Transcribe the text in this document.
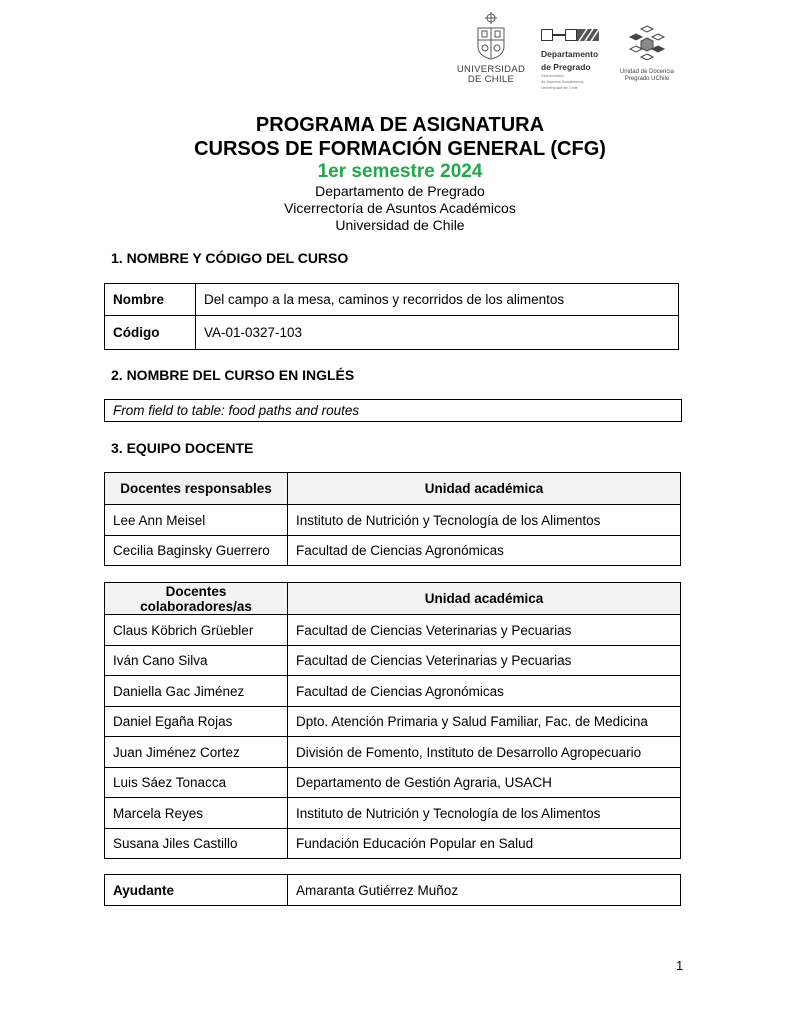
UNIVERSIDAD
DE CHILE
Departamento
de Pregrado
Vicerrectoría
de Asuntos Académicos
Universidad de Chile
Unidad de Docencia
Pregrado UChile
PROGRAMA DE ASIGNATURA
CURSOS DE FORMACIÓN GENERAL (CFG)
1er semestre 2024
Departamento de Pregrado
Vicerrectoría de Asuntos Académicos
Universidad de Chile
1. NOMBRE Y CÓDIGO DEL CURSO
Nombre	Del campo a la mesa, caminos y recorridos de los alimentos
Código	VA-01-0327-103
2. NOMBRE DEL CURSO EN INGLÉS
From field to table: food paths and routes
3. EQUIPO DOCENTE
Docentes responsables	Unidad académica
Lee Ann Meisel	Instituto de Nutrición y Tecnología de los Alimentos
Cecilia Baginsky Guerrero	Facultad de Ciencias Agronómicas
Docentes
colaboradores/as	Unidad académica
Claus Köbrich Grüebler	Facultad de Ciencias Veterinarias y Pecuarias
Iván Cano Silva	Facultad de Ciencias Veterinarias y Pecuarias
Daniella Gac Jiménez	Facultad de Ciencias Agronómicas
Daniel Egaña Rojas	Dpto. Atención Primaria y Salud Familiar, Fac. de Medicina
Juan Jiménez Cortez	División de Fomento, Instituto de Desarrollo Agropecuario
Luis Sáez Tonacca	Departamento de Gestión Agraria, USACH
Marcela Reyes	Instituto de Nutrición y Tecnología de los Alimentos
Susana Jiles Castillo	Fundación Educación Popular en Salud
Ayudante	Amaranta Gutiérrez Muñoz
1
